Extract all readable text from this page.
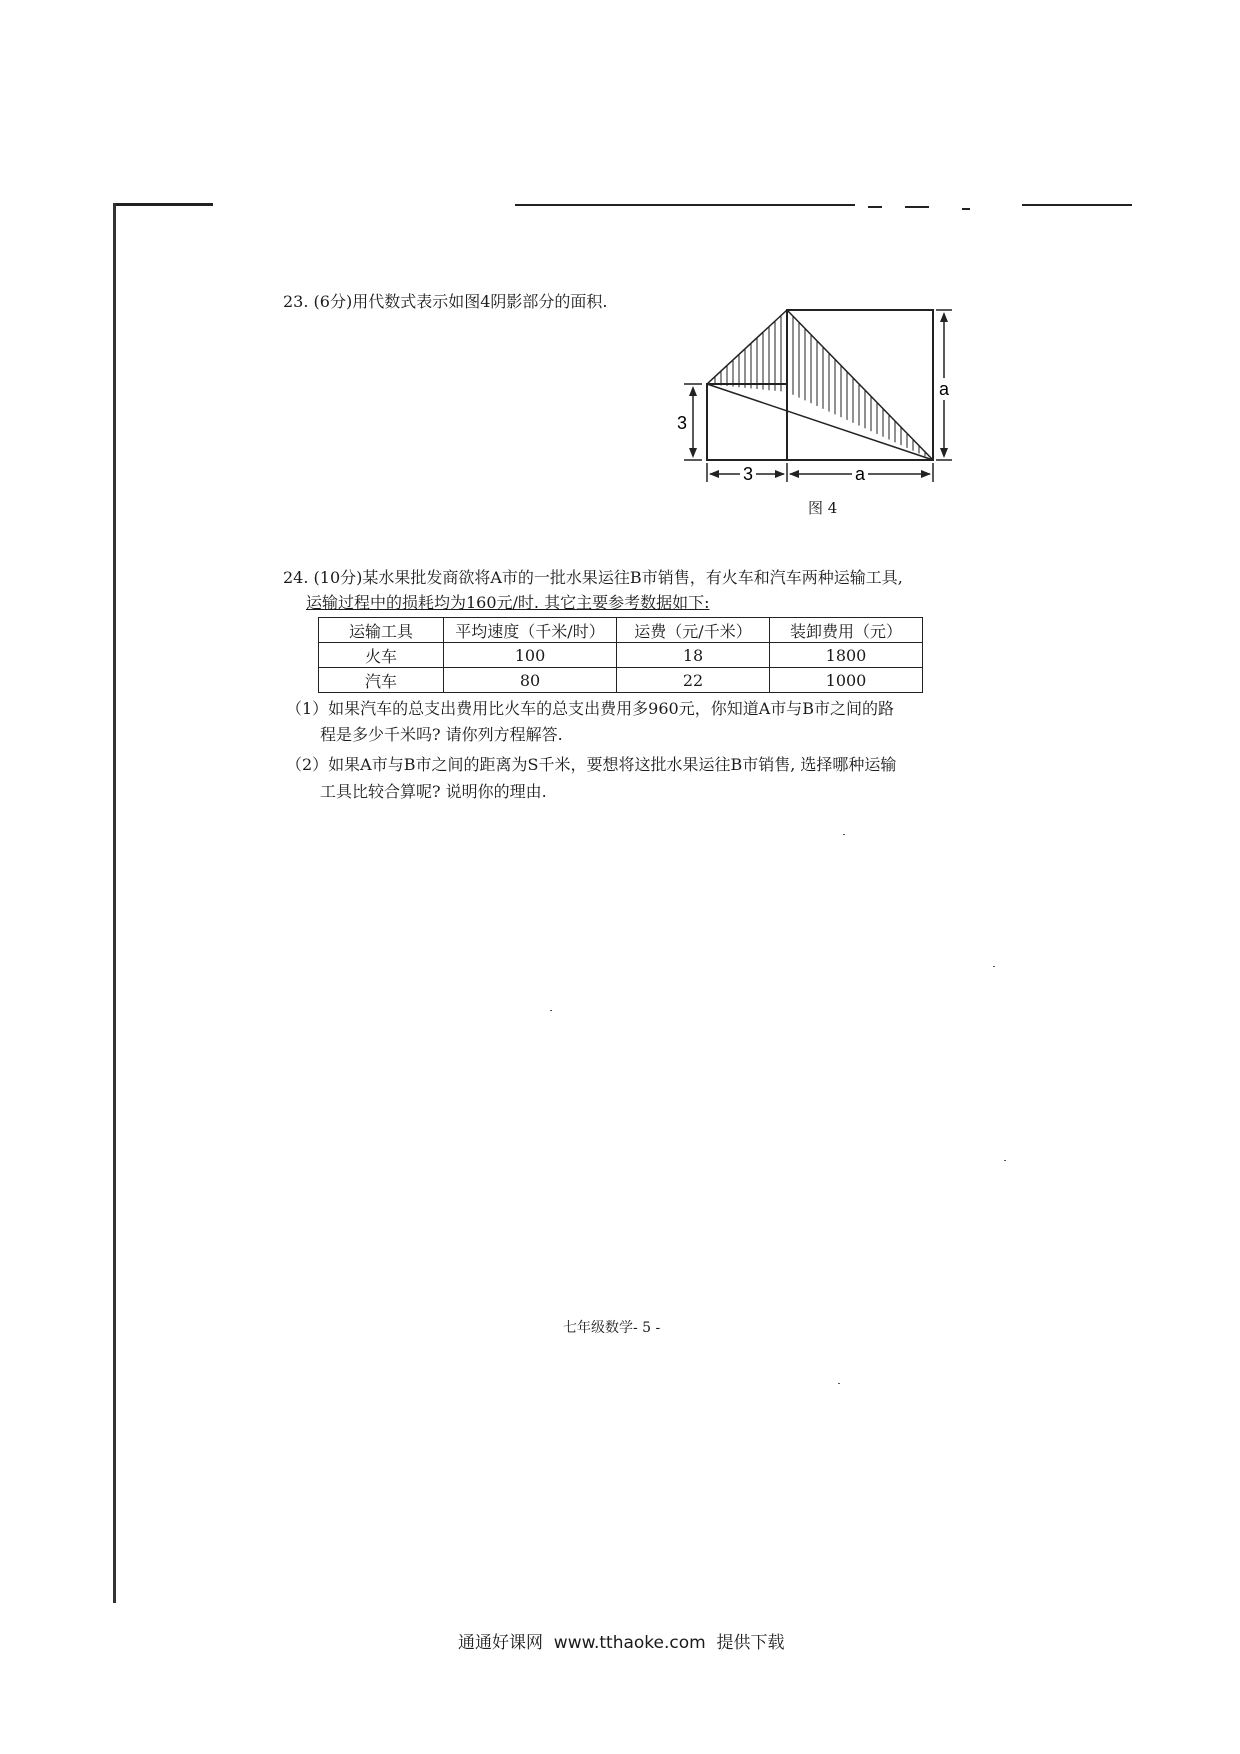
23. (6分)用代数式表示如图4阴影部分的面积.
3
3	a
a
图 4
24. (10分)某水果批发商欲将A市的一批水果运往B市销售，有火车和汽车两种运输工具,
运输过程中的损耗均为160元/时. 其它主要参考数据如下:
运输工具	平均速度（千米/时）	运费（元/千米）	装卸费用（元）
火车	100	18	1800
汽车	80	22	1000
（1）如果汽车的总支出费用比火车的总支出费用多960元，你知道A市与B市之间的路
程是多少千米吗? 请你列方程解答.
（2）如果A市与B市之间的距离为S千米，要想将这批水果运往B市销售, 选择哪种运输
工具比较合算呢? 说明你的理由.
七年级数学- 5 -
通通好课网  www.tthaoke.com  提供下载
